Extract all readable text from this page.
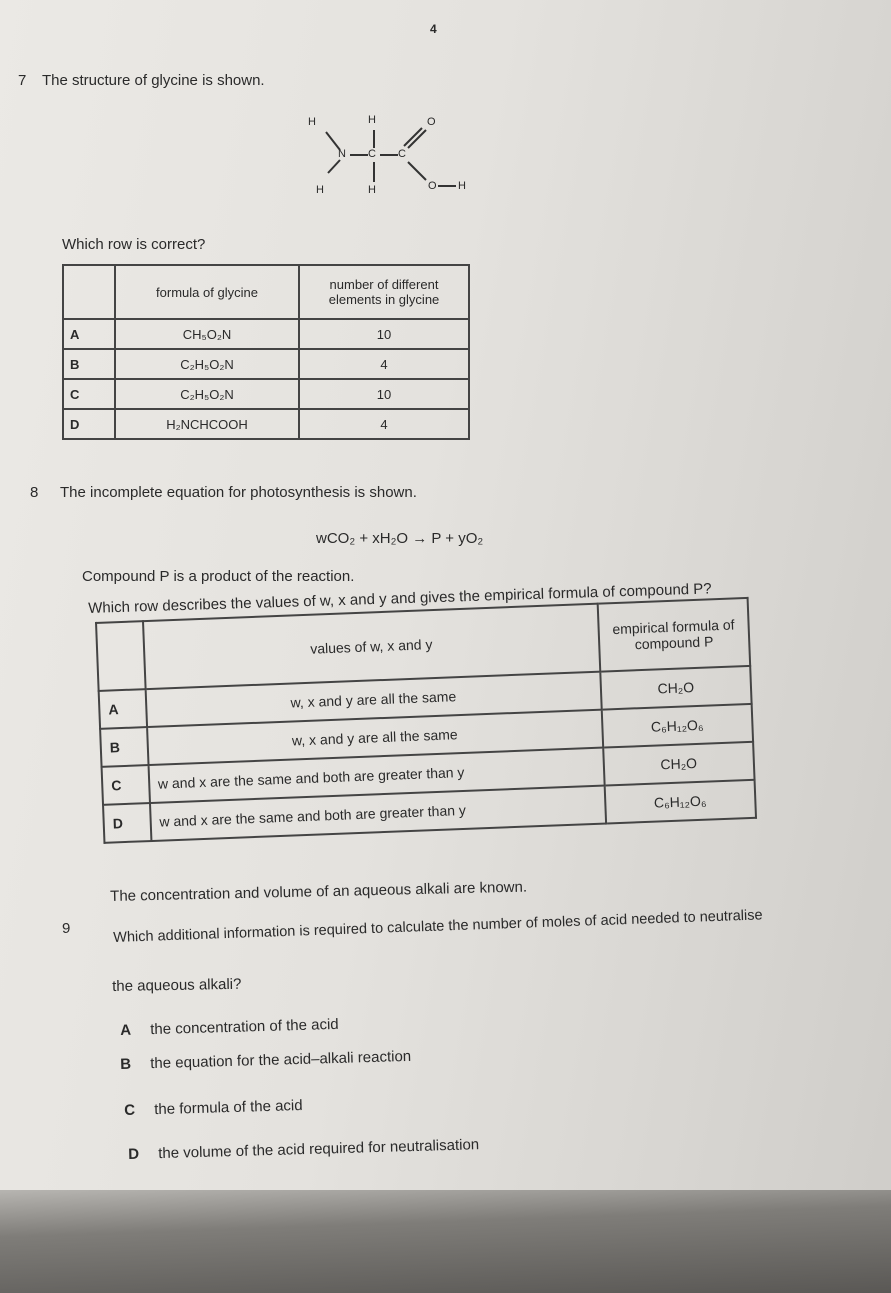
4
7 The structure of glycine is shown.
H	H	O
N C C
H	H	O H
Which row is correct?
	formula of glycine	number of different elements in glycine
A	CH₅O₂N	10
B	C₂H₅O₂N	4
C	C₂H₅O₂N	10
D	H₂NCHCOOH	4
8 The incomplete equation for photosynthesis is shown.
wCO₂ + xH₂O → P + yO₂
Compound P is a product of the reaction.
Which row describes the values of w, x and y and gives the empirical formula of compound P?
	values of w, x and y	empirical formula of compound P
A	w, x and y are all the same	CH₂O
B	w, x and y are all the same	C₆H₁₂O₆
C	w and x are the same and both are greater than y	CH₂O
D	w and x are the same and both are greater than y	C₆H₁₂O₆
9
The concentration and volume of an aqueous alkali are known.
Which additional information is required to calculate the number of moles of acid needed to neutralise
the aqueous alkali?
A the concentration of the acid
B the equation for the acid–alkali reaction
C the formula of the acid
D the volume of the acid required for neutralisation
